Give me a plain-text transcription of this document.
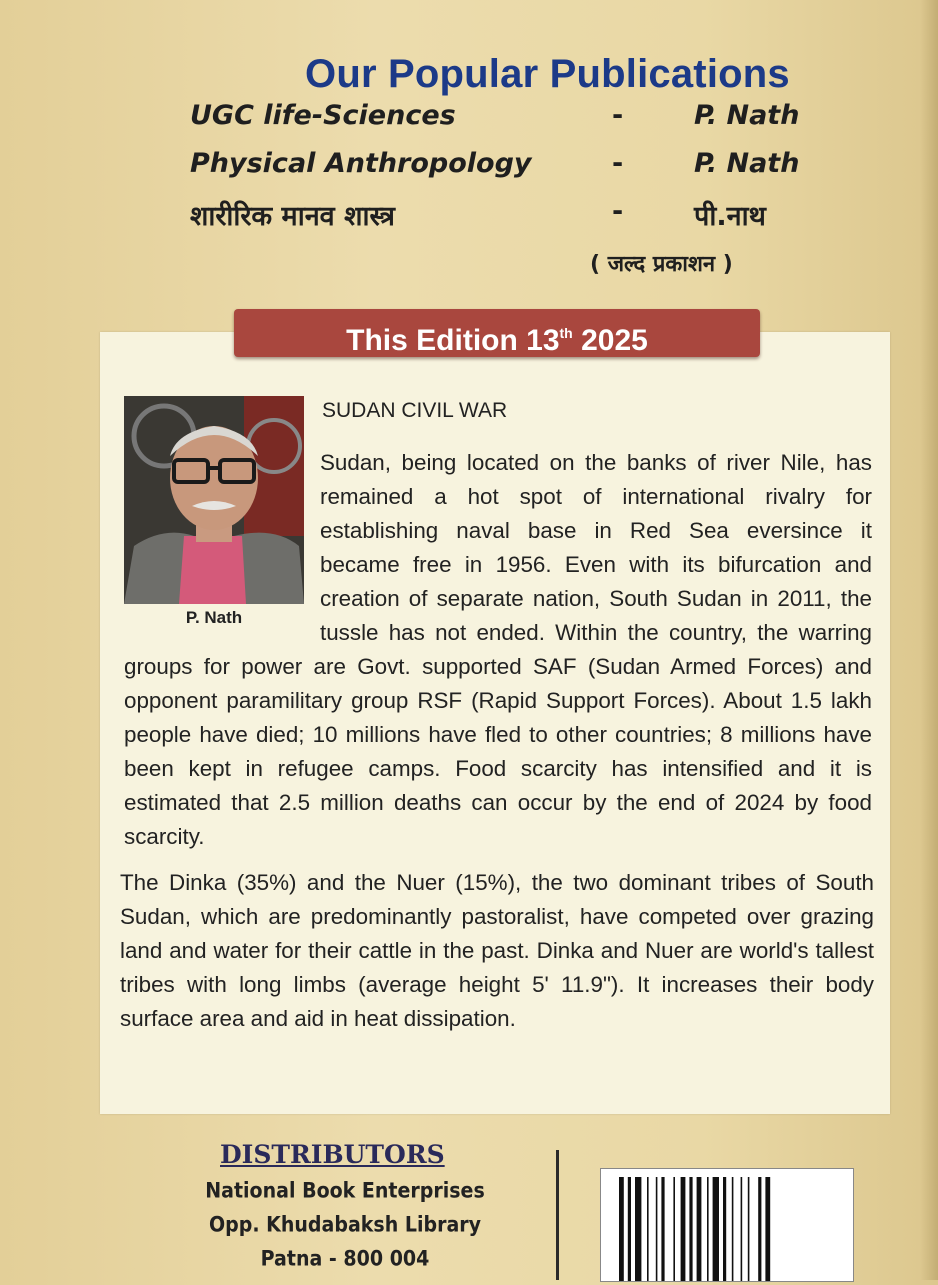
Our Popular Publications
UGC life-Sciences	-	P. Nath
Physical Anthropology	-	P. Nath
शारीरिक मानव शास्त्र	-	पी.नाथ
( जल्द प्रकाशन )
This Edition 13th 2025
P. Nath
SUDAN CIVIL WAR

Sudan, being located on the banks of river Nile, has remained a hot spot of international rivalry for establishing naval base in Red Sea eversince it became free in 1956. Even with its bifurcation and creation of separate nation, South Sudan in 2011, the tussle has not ended. Within the country, the warring groups for power are Govt. supported SAF (Sudan Armed Forces) and opponent paramilitary group RSF (Rapid Support Forces). About 1.5 lakh people have died; 10 millions have fled to other countries; 8 millions have been kept in refugee camps. Food scarcity has intensified and it is estimated that 2.5 million deaths can occur by the end of 2024 by food scarcity.

The Dinka (35%) and the Nuer (15%), the two dominant tribes of South Sudan, which are predominantly pastoralist, have competed over grazing land and water for their cattle in the past. Dinka and Nuer are world's tallest tribes with long limbs (average height 5' 11.9"). It increases their body surface area and aid in heat dissipation.

DISTRIBUTORS
National Book Enterprises
Opp. Khudabaksh Library
Patna - 800 004
